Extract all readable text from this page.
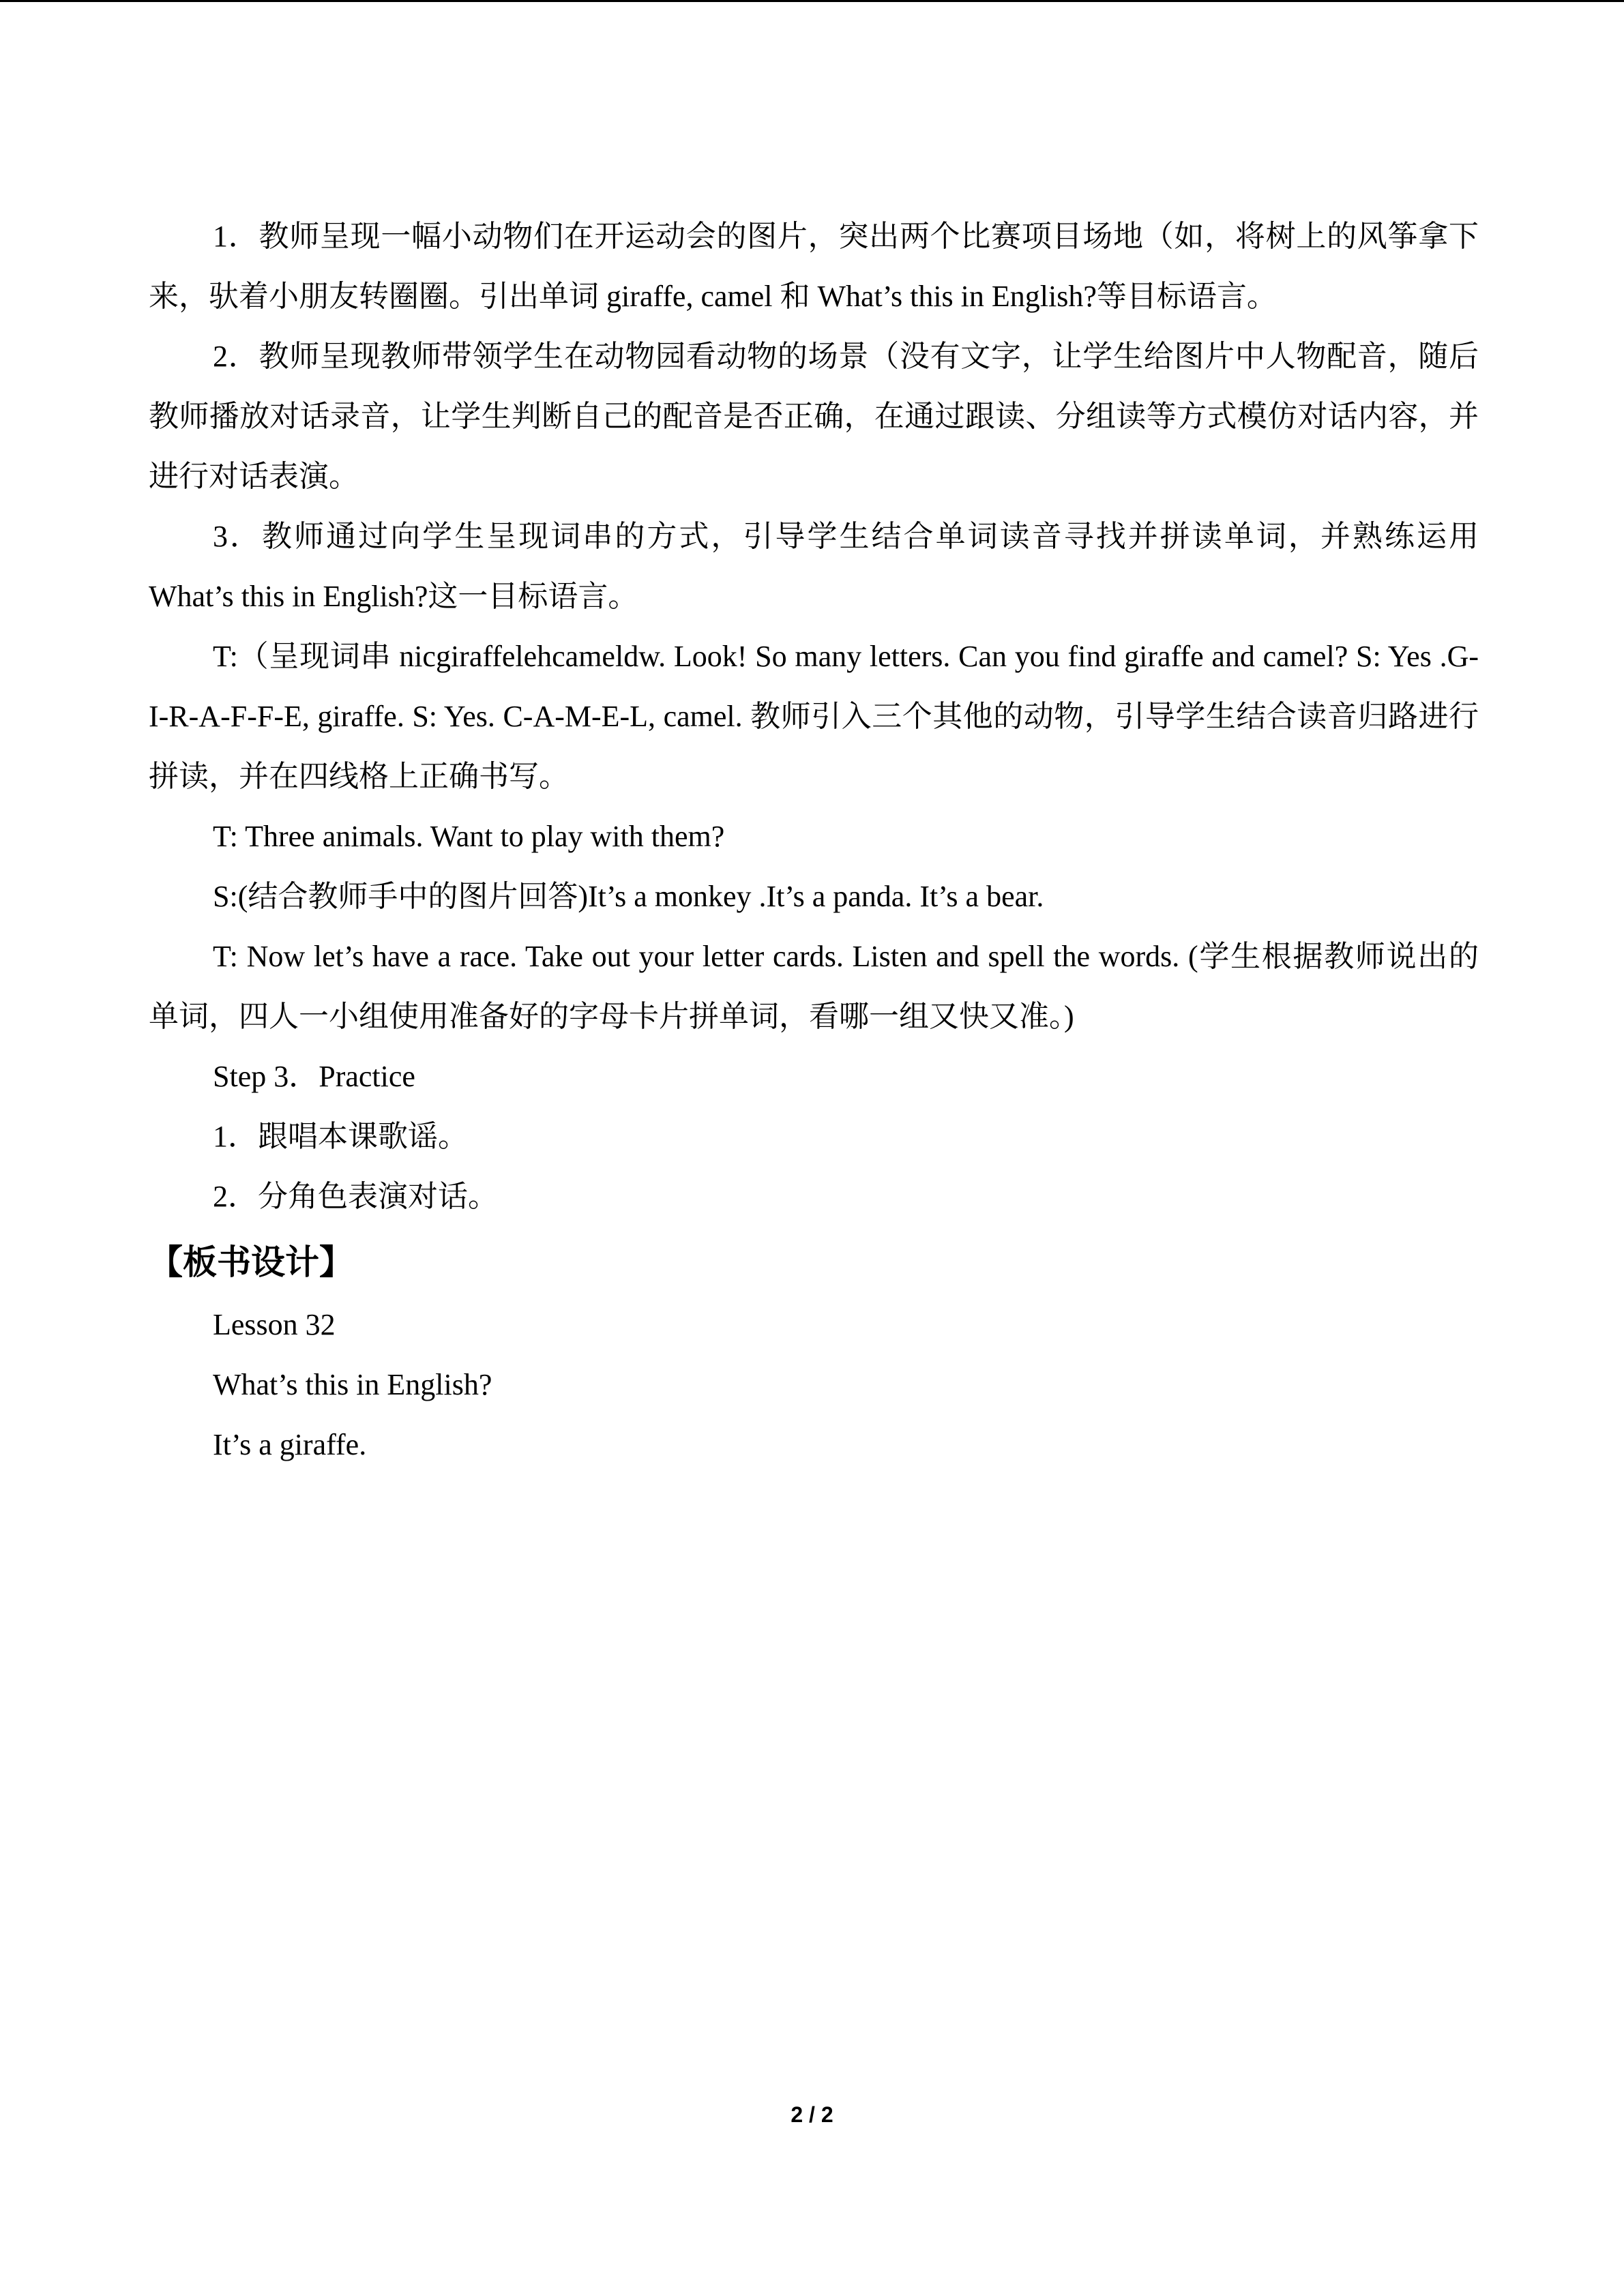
1．教师呈现一幅小动物们在开运动会的图片，突出两个比赛项目场地（如，将树上的风筝拿下来，驮着小朋友转圈圈。引出单词 giraffe, camel 和 What’s this in English?等目标语言。

2．教师呈现教师带领学生在动物园看动物的场景（没有文字，让学生给图片中人物配音，随后教师播放对话录音，让学生判断自己的配音是否正确，在通过跟读、分组读等方式模仿对话内容，并进行对话表演。

3．教师通过向学生呈现词串的方式，引导学生结合单词读音寻找并拼读单词，并熟练运用 What’s this in English?这一目标语言。

T:（呈现词串 nicgiraffelehcameldw. Look! So many letters. Can you find giraffe and camel? S: Yes .G-I-R-A-F-F-E, giraffe. S: Yes. C-A-M-E-L, camel. 教师引入三个其他的动物，引导学生结合读音归路进行拼读，并在四线格上正确书写。

T: Three animals. Want to play with them?

S:(结合教师手中的图片回答)It’s a monkey .It’s a panda. It’s a bear.

T: Now let’s have a race. Take out your letter cards. Listen and spell the words. (学生根据教师说出的单词，四人一小组使用准备好的字母卡片拼单词，看哪一组又快又准。)

Step 3．Practice

1．跟唱本课歌谣。

2．分角色表演对话。

【板书设计】

Lesson 32

What’s this in English?

It’s a giraffe.

2 / 2
